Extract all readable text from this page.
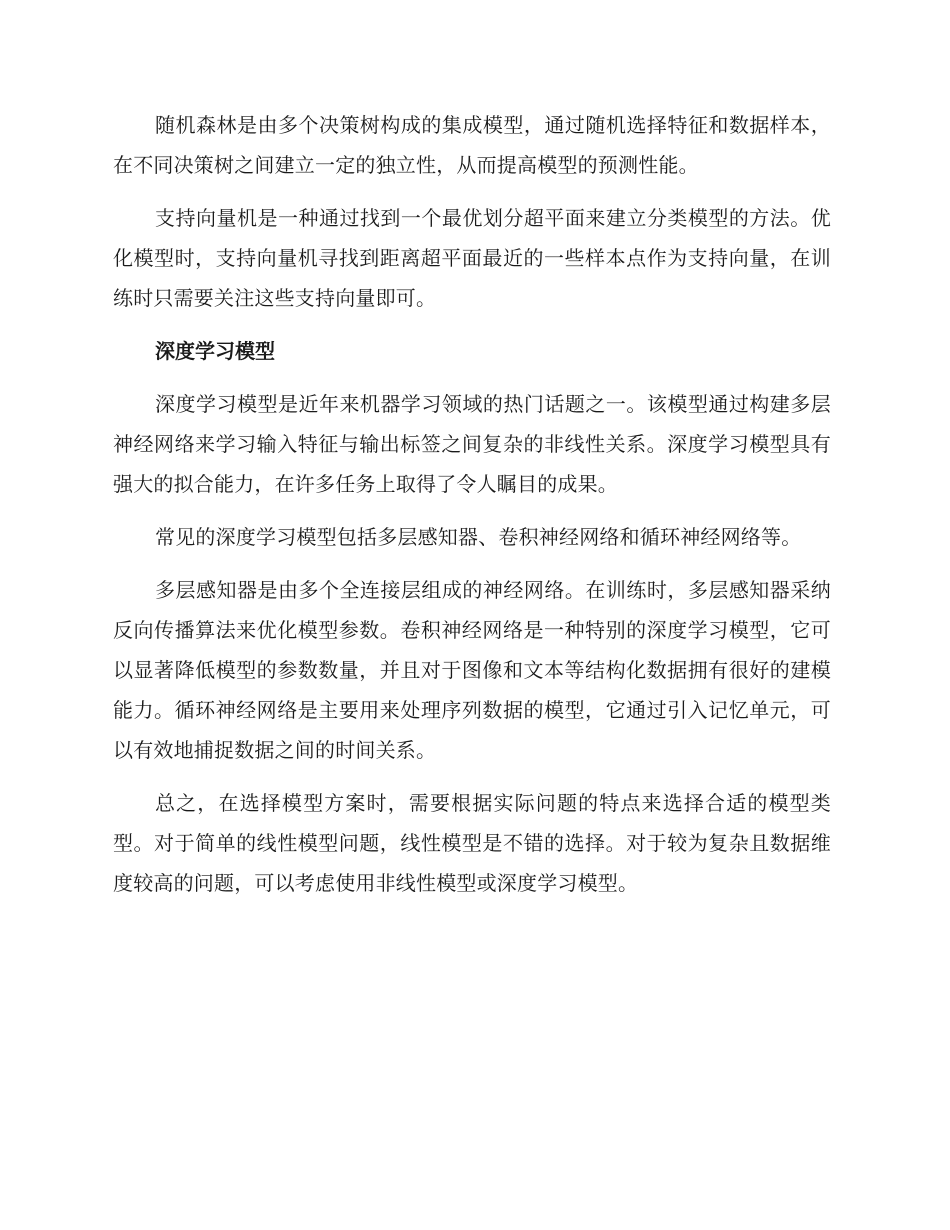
随机森林是由多个决策树构成的集成模型，通过随机选择特征和数据样本，在不同决策树之间建立一定的独立性，从而提高模型的预测性能。

支持向量机是一种通过找到一个最优划分超平面来建立分类模型的方法。优化模型时，支持向量机寻找到距离超平面最近的一些样本点作为支持向量，在训练时只需要关注这些支持向量即可。

深度学习模型

深度学习模型是近年来机器学习领域的热门话题之一。该模型通过构建多层神经网络来学习输入特征与输出标签之间复杂的非线性关系。深度学习模型具有强大的拟合能力，在许多任务上取得了令人瞩目的成果。

常见的深度学习模型包括多层感知器、卷积神经网络和循环神经网络等。

多层感知器是由多个全连接层组成的神经网络。在训练时，多层感知器采纳反向传播算法来优化模型参数。卷积神经网络是一种特别的深度学习模型，它可以显著降低模型的参数数量，并且对于图像和文本等结构化数据拥有很好的建模能力。循环神经网络是主要用来处理序列数据的模型，它通过引入记忆单元，可以有效地捕捉数据之间的时间关系。

总之，在选择模型方案时，需要根据实际问题的特点来选择合适的模型类型。对于简单的线性模型问题，线性模型是不错的选择。对于较为复杂且数据维度较高的问题，可以考虑使用非线性模型或深度学习模型。
